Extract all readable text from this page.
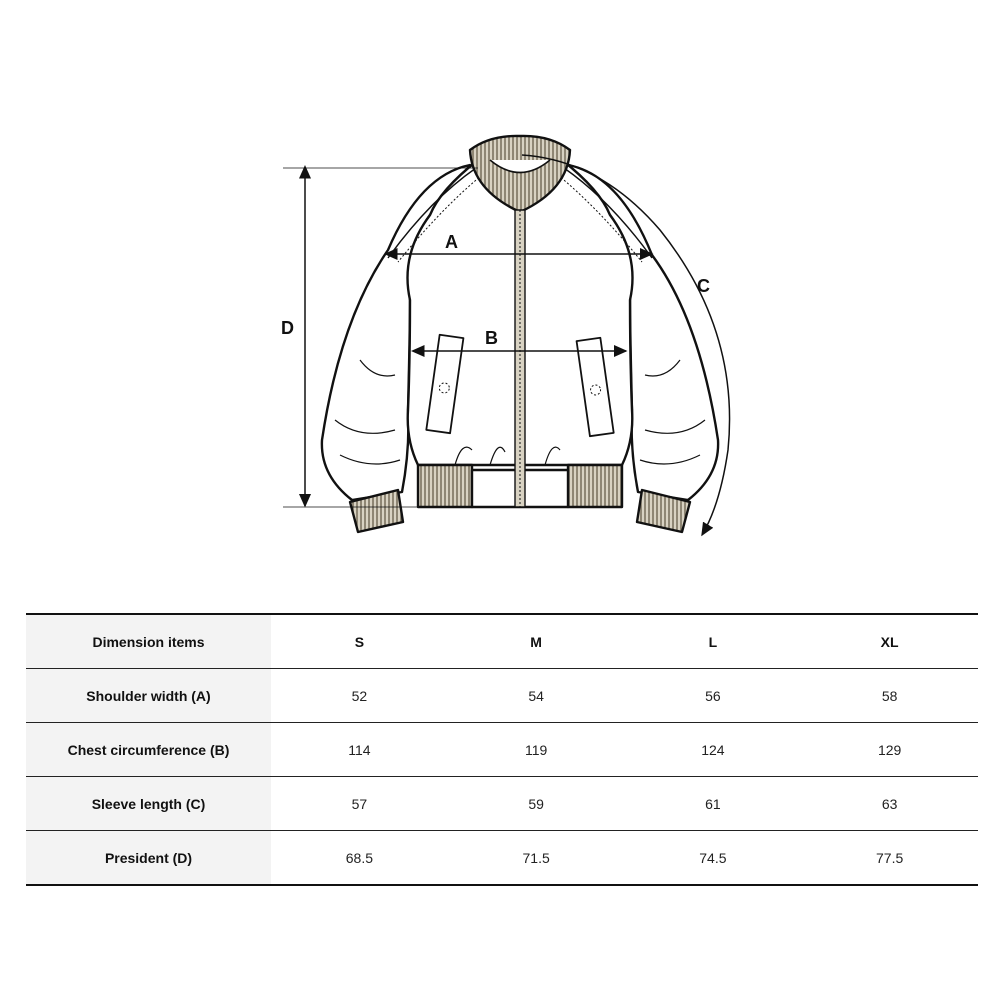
A
B
C
D
Dimension items	S	M	L	XL
Shoulder width (A)	52	54	56	58
Chest circumference (B)	114	119	124	129
Sleeve length (C)	57	59	61	63
President (D)	68.5	71.5	74.5	77.5
